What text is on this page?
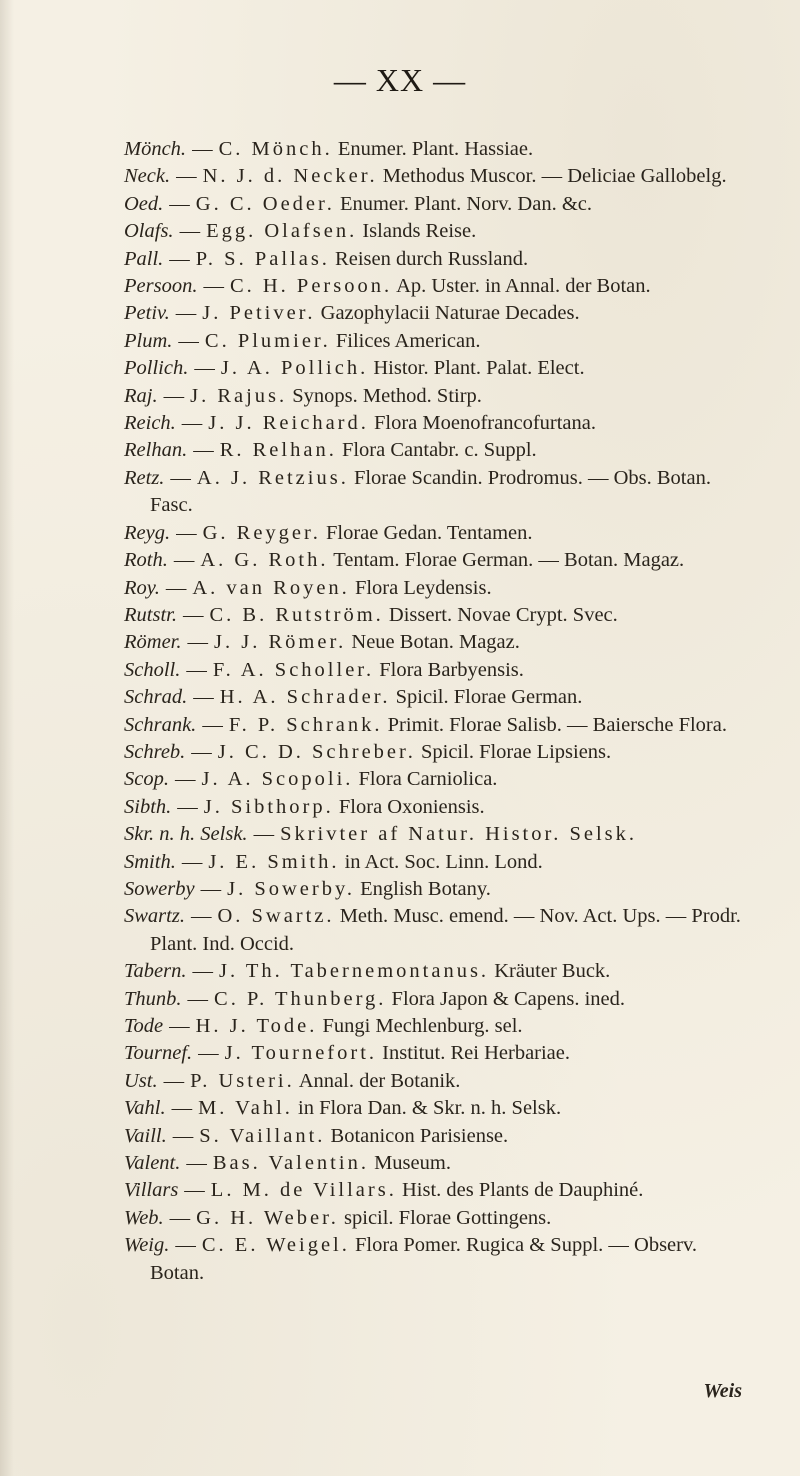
— XX —
Mönch. — C. Mönch. Enumer. Plant. Hassiae.
Neck. — N. J. d. Necker. Methodus Muscor. — Deliciae Gallobelg.
Oed. — G. C. Oeder. Enumer. Plant. Norv. Dan. &c.
Olafs. — Egg. Olafsen. Islands Reise.
Pall. — P. S. Pallas. Reisen durch Russland.
Persoon. — C. H. Persoon. Ap. Uster. in Annal. der Botan.
Petiv. — J. Petiver. Gazophylacii Naturae Decades.
Plum. — C. Plumier. Filices American.
Pollich. — J. A. Pollich. Histor. Plant. Palat. Elect.
Raj. — J. Rajus. Synops. Method. Stirp.
Reich. — J. J. Reichard. Flora Moenofrancofurtana.
Relhan. — R. Relhan. Flora Cantabr. c. Suppl.
Retz. — A. J. Retzius. Florae Scandin. Prodromus. — Obs. Botan. Fasc.
Reyg. — G. Reyger. Florae Gedan. Tentamen.
Roth. — A. G. Roth. Tentam. Florae German. — Botan. Magaz.
Roy. — A. van Royen. Flora Leydensis.
Rutstr. — C. B. Rutström. Dissert. Novae Crypt. Svec.
Römer. — J. J. Römer. Neue Botan. Magaz.
Scholl. — F. A. Scholler. Flora Barbyensis.
Schrad. — H. A. Schrader. Spicil. Florae German.
Schrank. — F. P. Schrank. Primit. Florae Salisb. — Baiersche Flora.
Schreb. — J. C. D. Schreber. Spicil. Florae Lipsiens.
Scop. — J. A. Scopoli. Flora Carniolica.
Sibth. — J. Sibthorp. Flora Oxoniensis.
Skr. n. h. Selsk. — Skrivter af Natur. Histor. Selsk.
Smith. — J. E. Smith. in Act. Soc. Linn. Lond.
Sowerby — J. Sowerby. English Botany.
Swartz. — O. Swartz. Meth. Musc. emend. — Nov. Act. Ups. — Prodr. Plant. Ind. Occid.
Tabern. — J. Th. Tabernemontanus. Kräuter Buck.
Thunb. — C. P. Thunberg. Flora Japon & Capens. ined.
Tode — H. J. Tode. Fungi Mechlenburg. sel.
Tournef. — J. Tournefort. Institut. Rei Herbariae.
Ust. — P. Usteri. Annal. der Botanik.
Vahl. — M. Vahl. in Flora Dan. & Skr. n. h. Selsk.
Vaill. — S. Vaillant. Botanicon Parisiense.
Valent. — Bas. Valentin. Museum.
Villars — L. M. de Villars. Hist. des Plants de Dauphiné.
Web. — G. H. Weber. spicil. Florae Gottingens.
Weig. — C. E. Weigel. Flora Pomer. Rugica & Suppl. — Observ. Botan.
Weis
